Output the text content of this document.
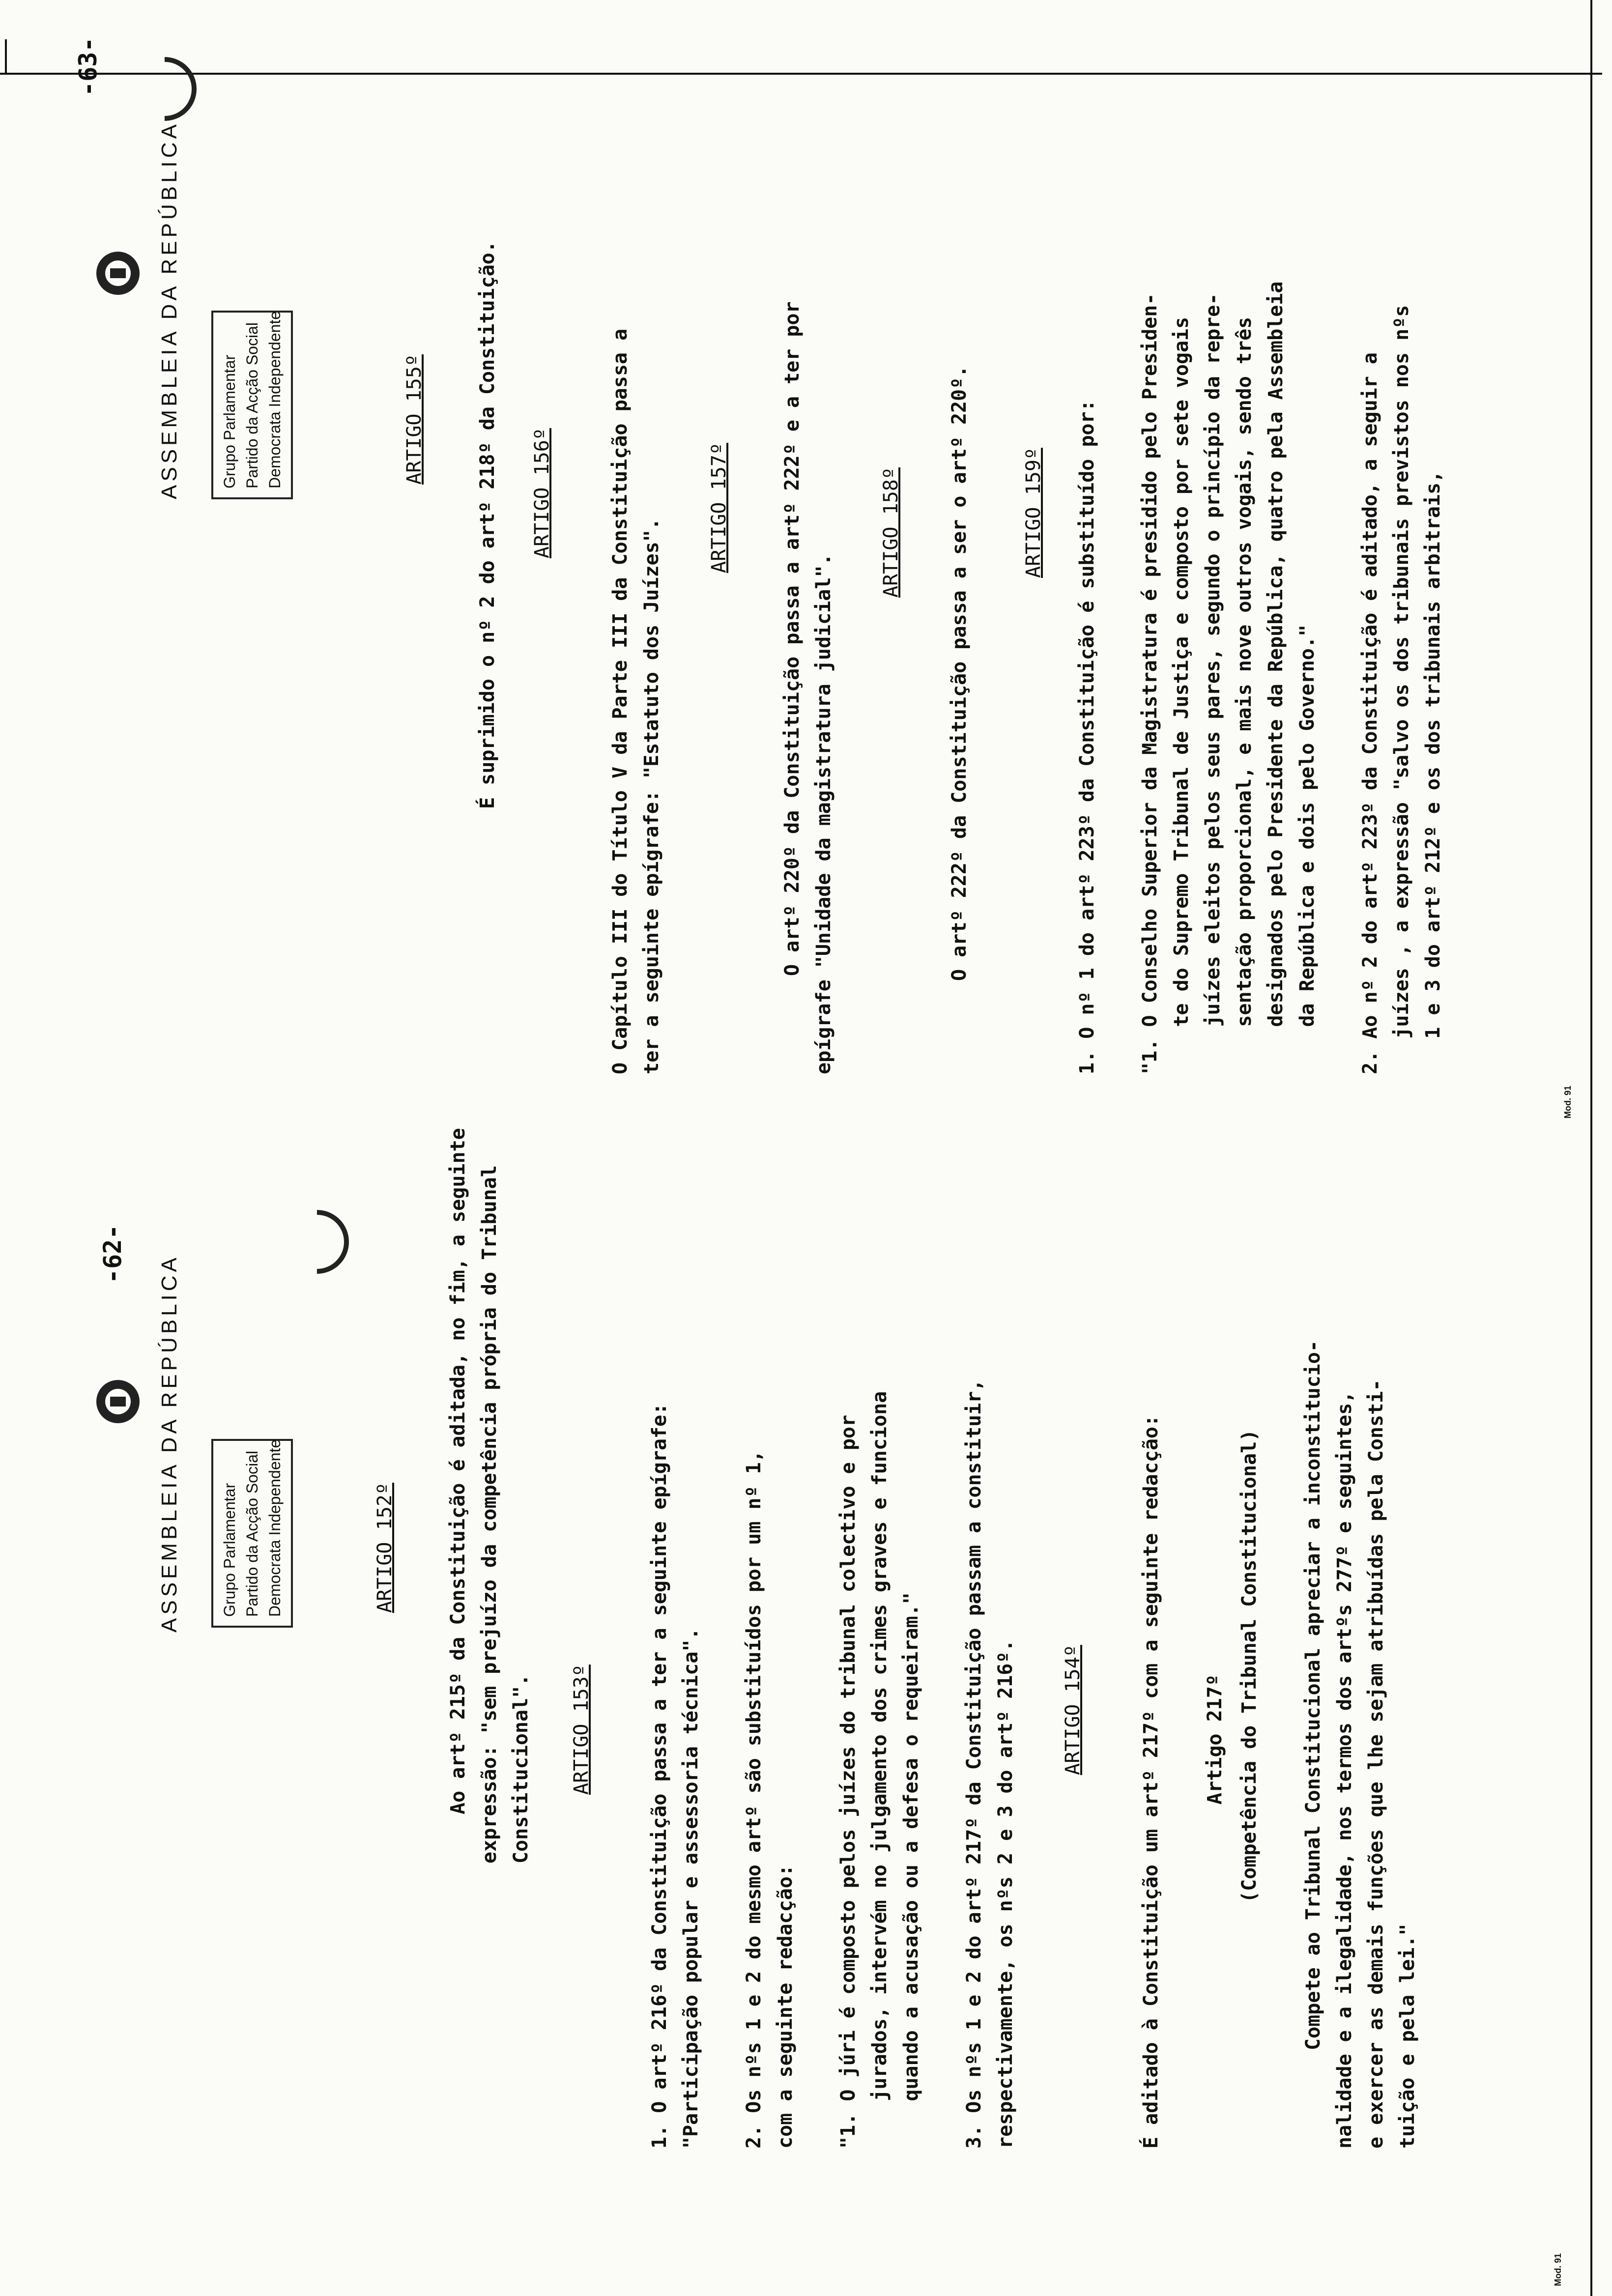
-62-
ASSEMBLEIA DA REPÚBLICA	Grupo Parlamentar Partido da Acção Social Democrata Independente	ARTIGO 152º	Ao artº 215º da Constituição é aditada, no fim, a seguinte expressão: "sem prejuízo da competência própria do Tribunal Constitucional". ARTIGO 153º	1. O artº 216º da Constituição passa a ter a seguinte epígrafe: "Participação popular e assessoria técnica". 2. Os nºs 1 e 2 do mesmo artº são substituídos por um nº 1, com a seguinte redacção: "1. O júri é composto pelos juízes do tribunal colectivo e por jurados, intervém no julgamento dos crimes graves e funciona quando a acusação ou a defesa o requeiram." 3. Os nºs 1 e 2 do artº 217º da Constituição passam a constituir, respectivamente, os nºs 2 e 3 do artº 216º. ARTIGO 154º	É aditado à Constituição um artº 217º com a seguinte redacção: Artigo 217º (Competência do Tribunal Constitucional) Compete ao Tribunal Constitucional apreciar a inconstitucio- nalidade e a ilegalidade, nos termos dos artºs 277º e seguintes, e exercer as demais funções que lhe sejam atribuídas pela Consti- tuição e pela lei."
Mod. 91
-63-
ASSEMBLEIA DA REPÚBLICA	Grupo Parlamentar Partido da Acção Social Democrata Independente	ARTIGO 155º	É suprimido o nº 2 do artº 218º da Constituição. ARTIGO 156º	O Capítulo III do Título V da Parte III da Constituição passa a ter a seguinte epígrafe: "Estatuto dos Juízes".
ARTIGO 157º	O artº 220º da Constituição passa a artº 222º e a ter por epígrafe "Unidade da magistratura judicial".
ARTIGO 158º O artº 222º da Constituição passa a ser o artº 220º.	ARTIGO 159º 1. O nº 1 do artº 223º da Constituição é substituído por: "1. O Conselho Superior da Magistratura é presidido pelo Presiden- te do Supremo Tribunal de Justiça e composto por sete vogais juízes eleitos pelos seus pares, segundo o princípio da repre- sentação proporcional, e mais nove outros vogais, sendo três designados pelo Presidente da República, quatro pela Assembleia da República e dois pelo Governo." 2. Ao nº 2 do artº 223º da Constituição é aditado, a seguir a juízes , a expressão "salvo os dos tribunais previstos nos nºs 1 e 3 do artº 212º e os dos tribunais arbitrais,
Mod. 91
